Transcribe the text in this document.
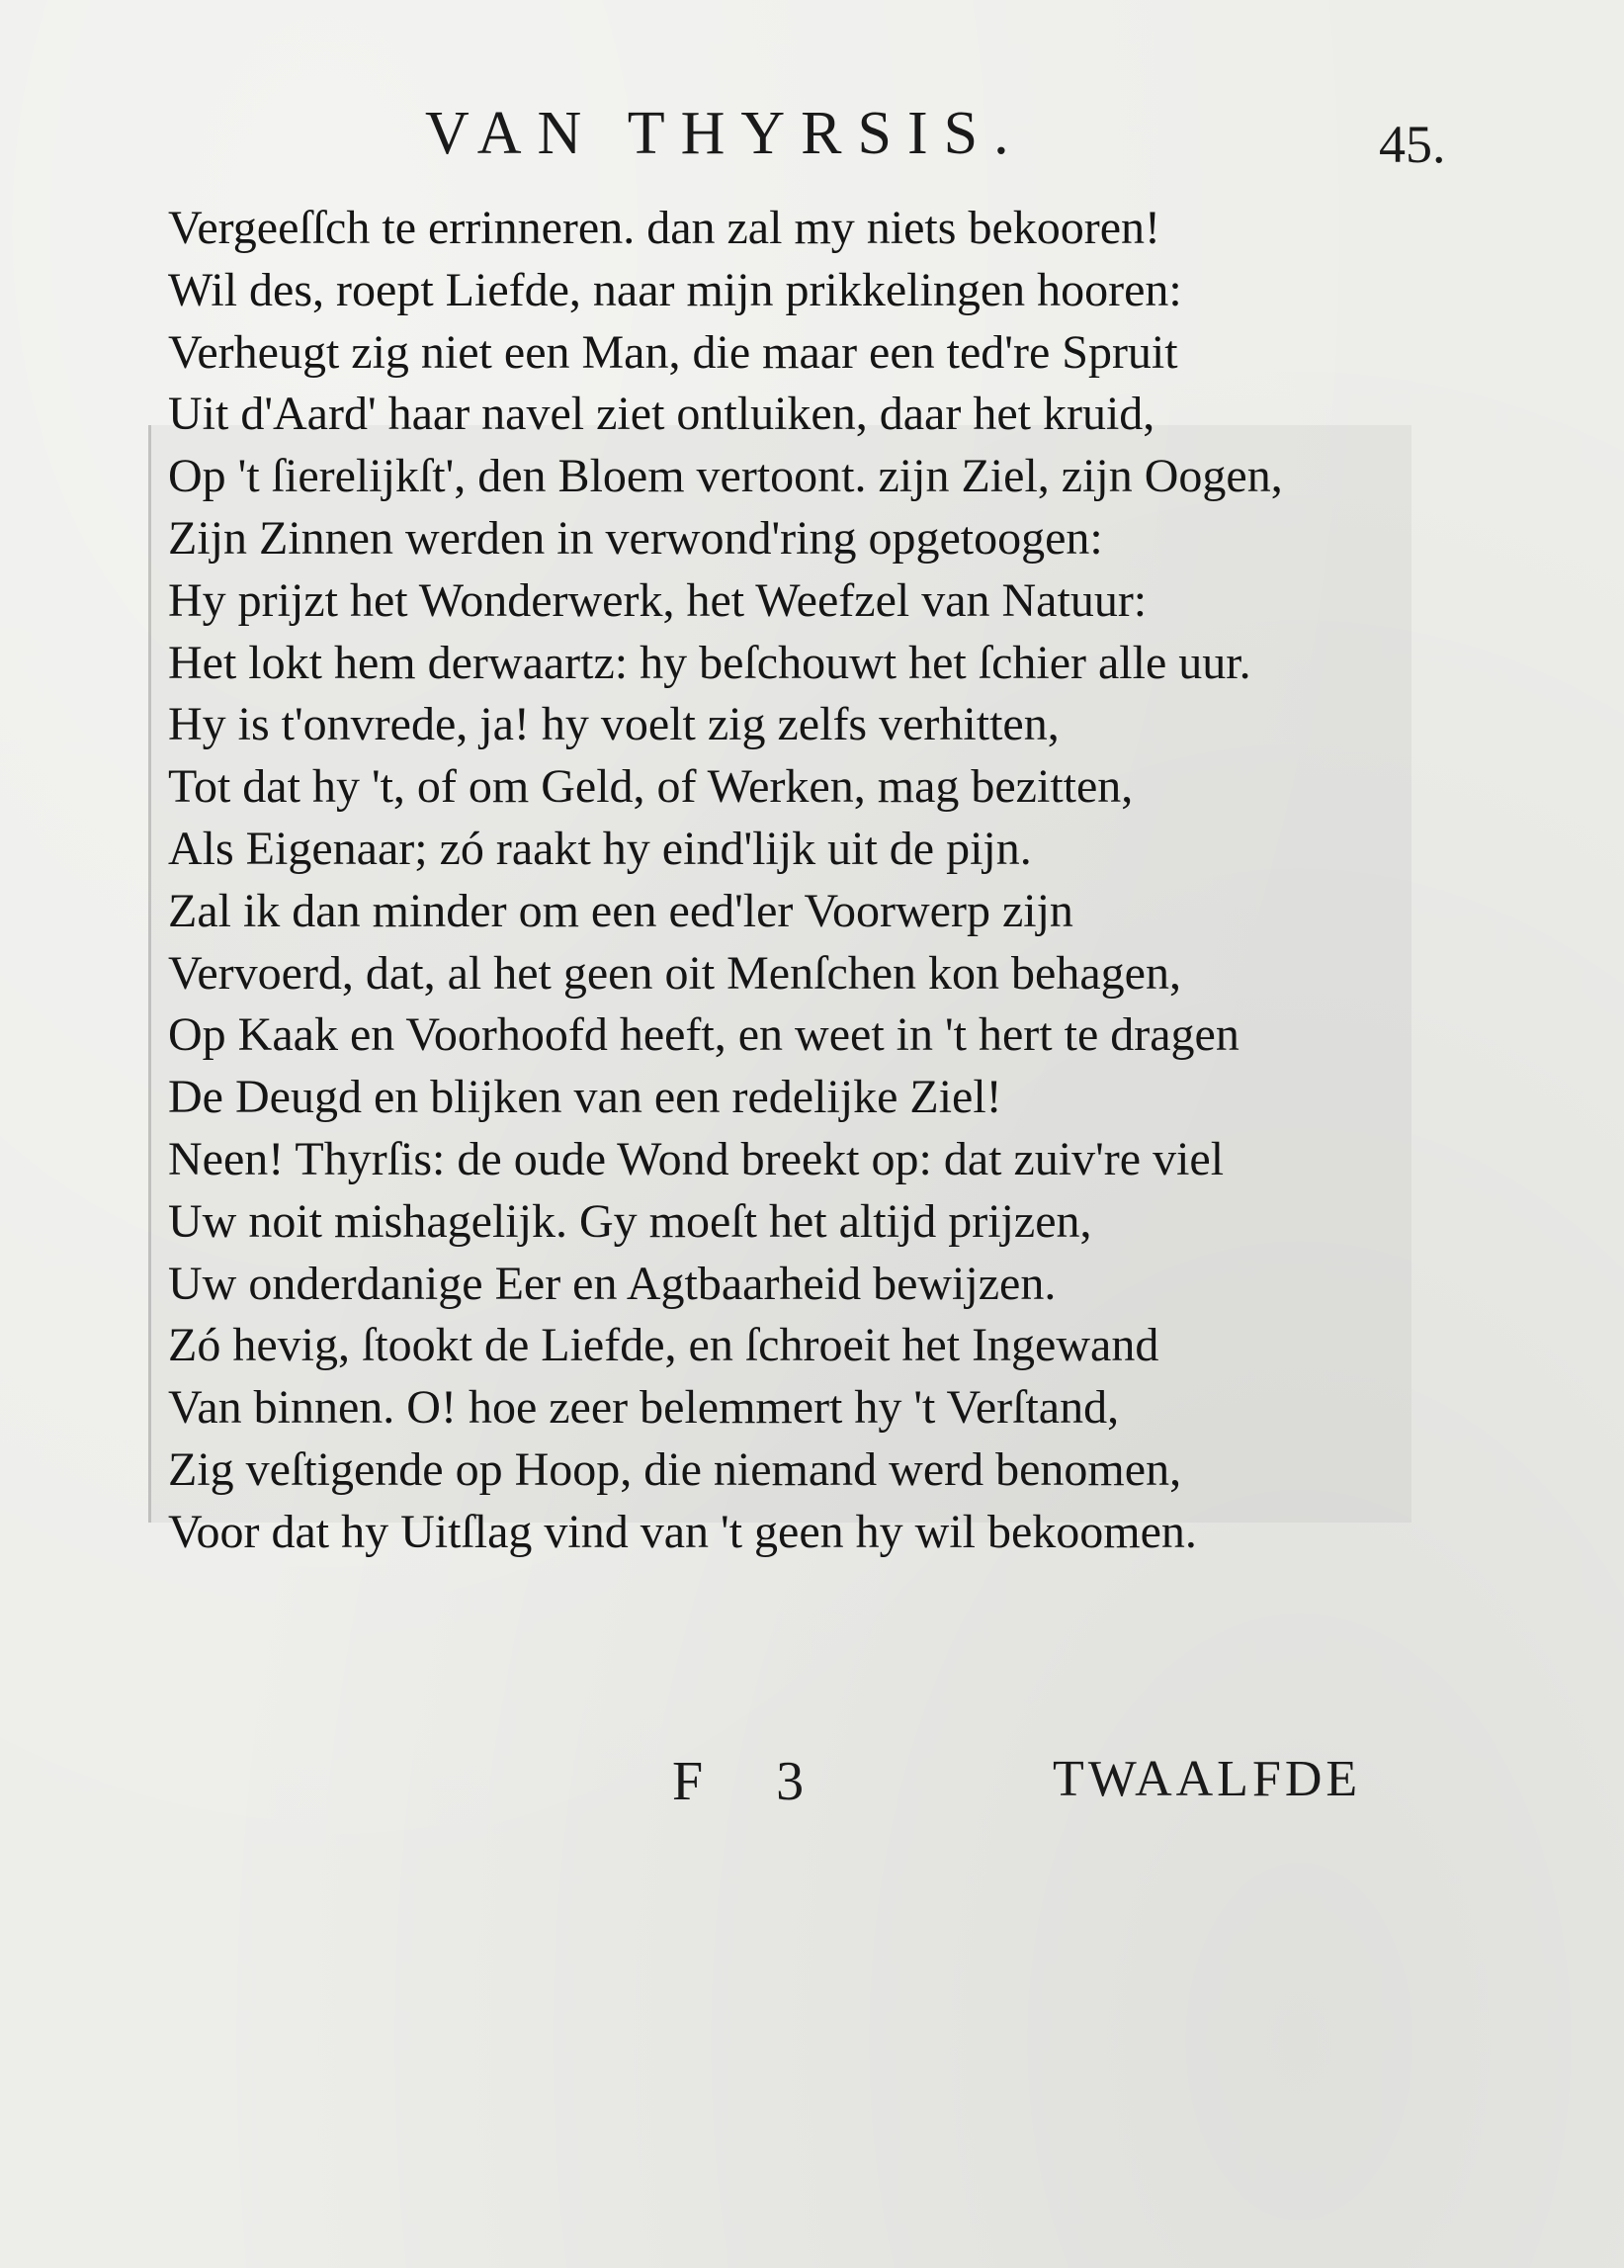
VAN THYRSIS.	45.
Vergeeſſch te errinneren. dan zal my niets bekooren!
Wil des, roept Liefde, naar mijn prikkelingen hooren:
Verheugt zig niet een Man, die maar een ted're Spruit
Uit d'Aard' haar navel ziet ontluiken, daar het kruid,
Op 't ſierelijkſt', den Bloem vertoont. zijn Ziel, zijn Oogen,
Zijn Zinnen werden in verwond'ring opgetoogen:
Hy prijzt het Wonderwerk, het Weefzel van Natuur:
Het lokt hem derwaartz: hy beſchouwt het ſchier alle uur.
Hy is t'onvrede, ja! hy voelt zig zelfs verhitten,
Tot dat hy 't, of om Geld, of Werken, mag bezitten,
Als Eigenaar; zó raakt hy eind'lijk uit de pijn.
Zal ik dan minder om een eed'ler Voorwerp zijn
Vervoerd, dat, al het geen oit Menſchen kon behagen,
Op Kaak en Voorhoofd heeft, en weet in 't hert te dragen
De Deugd en blijken van een redelijke Ziel!
Neen! Thyrſis: de oude Wond breekt op: dat zuiv're viel
Uw noit mishagelijk. Gy moeſt het altijd prijzen,
Uw onderdanige Eer en Agtbaarheid bewijzen.
Zó hevig, ſtookt de Liefde, en ſchroeit het Ingewand
Van binnen. O! hoe zeer belemmert hy 't Verſtand,
Zig veſtigende op Hoop, die niemand werd benomen,
Voor dat hy Uitſlag vind van 't geen hy wil bekoomen.
F 3	TWAALFDE
